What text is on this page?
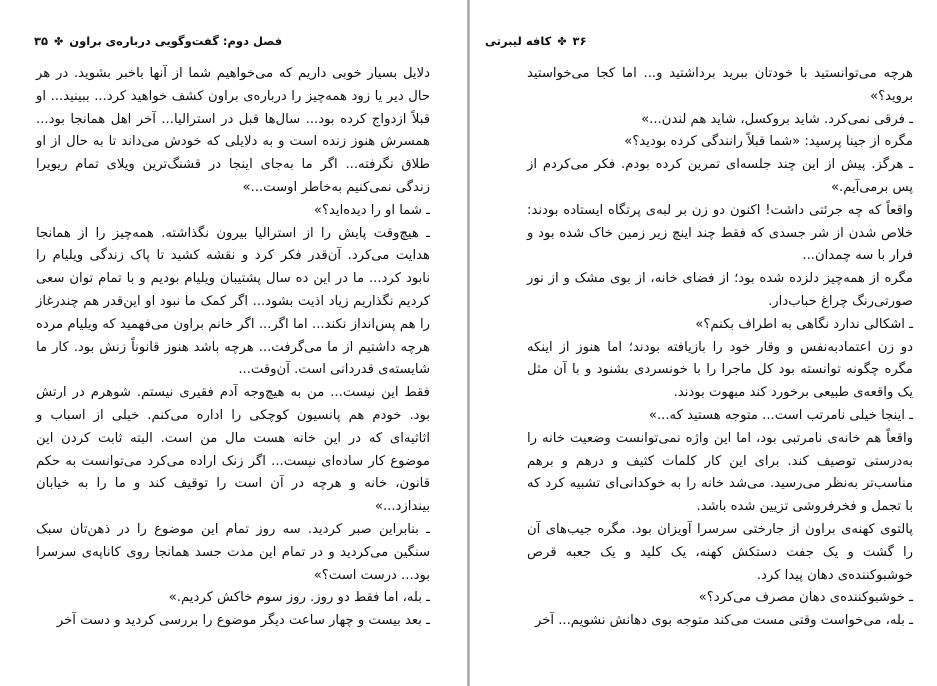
فصل دوم: گفت‌وگویی درباره‌ی براون
✤
۳۵

دلایل بسیار خوبی داریم که می‌خواهیم شما از آنها باخبر بشوید. در هر حال دیر یا زود همه‌چیز را درباره‌ی براون کشف خواهید کرد... ببینید... او قبلاً ازدواج کرده بود... سال‌ها قبل در استرالیا... آخر اهل همانجا بود... همسرش هنوز زنده است و به دلایلی که خودش می‌داند تا به حال از او طلاق نگرفته... اگر ما به‌جای اینجا در قشنگ‌ترین ویلای تمام ریویرا زندگی نمی‌کنیم به‌خاطر اوست...»

ـ شما او را دیده‌اید؟»

ـ هیچ‌وقت پایش را از استرالیا بیرون نگذاشته. همه‌چیز را از همانجا هدایت می‌کرد. آن‌قدر فکر کرد و نقشه کشید تا پاک زندگی ویلیام را نابود کرد... ما در این ده سال پشتیبان ویلیام بودیم و با تمام توان سعی کردیم نگذاریم زیاد اذیت بشود... اگر کمک ما نبود او این‌قدر هم چندرغاز را هم پس‌انداز نکند... اما اگر... اگر خانم براون می‌فهمید که ویلیام مرده هرچه داشتیم از ما می‌گرفت... هرچه باشد هنوز قانوناً زنش بود. کار ما شایسته‌ی قدردانی است. آن‌وقت...

فقط این نیست... من به هیچ‌وجه آدم فقیری نیستم. شوهرم در ارتش بود. خودم هم پانسیون کوچکی را اداره می‌کنم. خیلی از اسباب و اثاثیه‌ای که در این خانه هست مال من است. البته ثابت کردن این موضوع کار ساده‌ای نیست... اگر زنک اراده می‌کرد می‌توانست به حکم قانون، خانه و هرچه در آن است را توقیف کند و ما را به خیابان بیندازد...»

ـ بنابراین صبر کردید. سه روز تمام این موضوع را در ذهن‌تان سبک سنگین می‌کردید و در تمام این مدت جسد همانجا روی کاناپه‌ی سرسرا بود... درست است؟»

ـ بله، اما فقط دو روز. روز سوم خاکش کردیم.»

ـ بعد بیست و چهار ساعت دیگر موضوع را بررسی کردید و دست آخر

۳۶
✤
کافه لیبرتی

هرچه می‌توانستید با خودتان ببرید برداشتید و... اما کجا می‌خواستید بروید؟»

ـ فرقی نمی‌کرد. شاید بروکسل، شاید هم لندن...»

مگره از جینا پرسید: «شما قبلاً رانندگی کرده بودید؟»

ـ هرگز. پیش از این چند جلسه‌ای تمرین کرده بودم. فکر می‌کردم از پس برمی‌آیم.»

واقعاً که چه جرئتی داشت! اکنون دو زن بر لبه‌ی پرتگاه ایستاده بودند: خلاص شدن از شر جسدی که فقط چند اینچ زیر زمین خاک شده بود و فرار با سه چمدان...

مگره از همه‌چیز دلزده شده بود؛ از فضای خانه، از بوی مشک و از نور صورتی‌رنگ چراغ حباب‌دار.

ـ اشکالی ندارد نگاهی به اطراف بکنم؟»

دو زن اعتمادبه‌نفس و وقار خود را بازیافته بودند؛ اما هنوز از اینکه مگره چگونه توانسته بود کل ماجرا را با خونسردی بشنود و با آن مثل یک واقعه‌ی طبیعی برخورد کند مبهوت بودند.

ـ اینجا خیلی نامرتب است... متوجه هستید که...»

واقعاً هم خانه‌ی نامرتبی بود، اما این واژه نمی‌توانست وضعیت خانه را به‌درستی توصیف کند. برای این کار کلمات کثیف و درهم و برهم مناسب‌تر به‌نظر می‌رسید. می‌شد خانه را به خوکدانی‌ای تشبیه کرد که با تجمل و فخرفروشی تزیین شده باشد.

پالتوی کهنه‌ی براون از جارختی سرسرا آویزان بود. مگره جیب‌های آن را گشت و یک جفت دستکش کهنه، یک کلید و یک جعبه قرص خوشبوکننده‌ی دهان پیدا کرد.

ـ خوشبوکننده‌ی دهان مصرف می‌کرد؟»

ـ بله، می‌خواست وقتی مست می‌کند متوجه بوی دهانش نشویم... آخر
